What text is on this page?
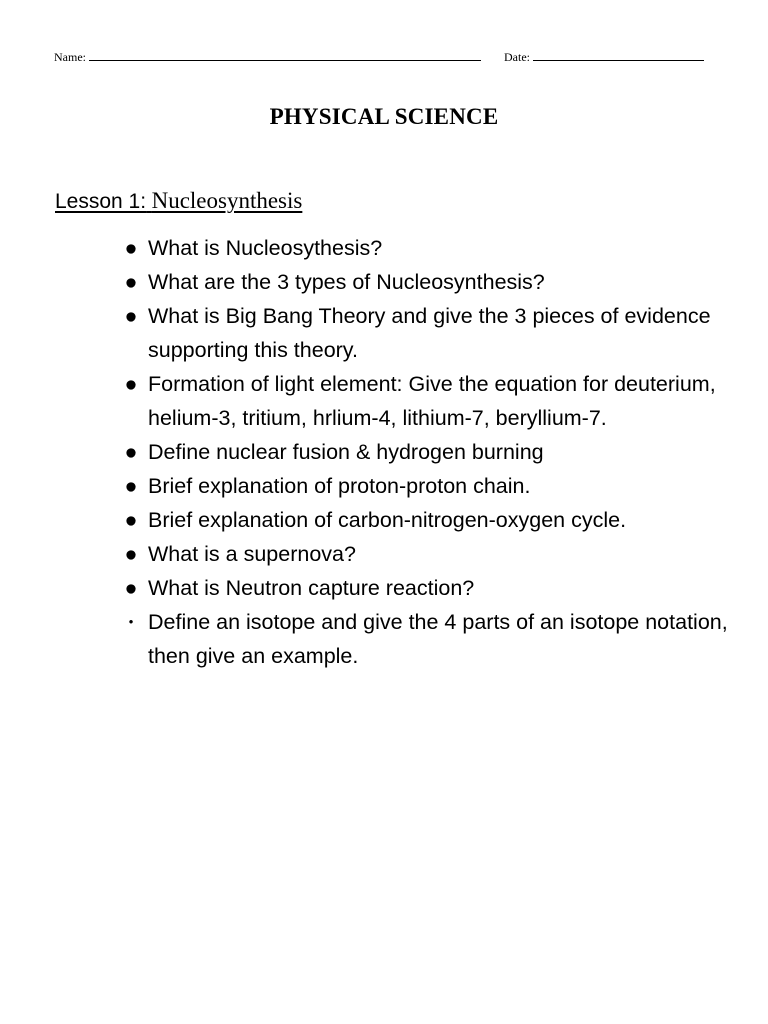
Name:	Date:
PHYSICAL SCIENCE
Lesson 1: Nucleosynthesis
● What is Nucleosythesis?
● What are the 3 types of Nucleosynthesis?
● What is Big Bang Theory and give the 3 pieces of evidence supporting this theory.
● Formation of light element: Give the equation for deuterium, helium-3, tritium, hrlium-4, lithium-7, beryllium-7.
● Define nuclear fusion & hydrogen burning
● Brief explanation of proton-proton chain.
● Brief explanation of carbon-nitrogen-oxygen cycle.
● What is a supernova?
● What is Neutron capture reaction?
• Define an isotope and give the 4 parts of an isotope notation, then give an example.
